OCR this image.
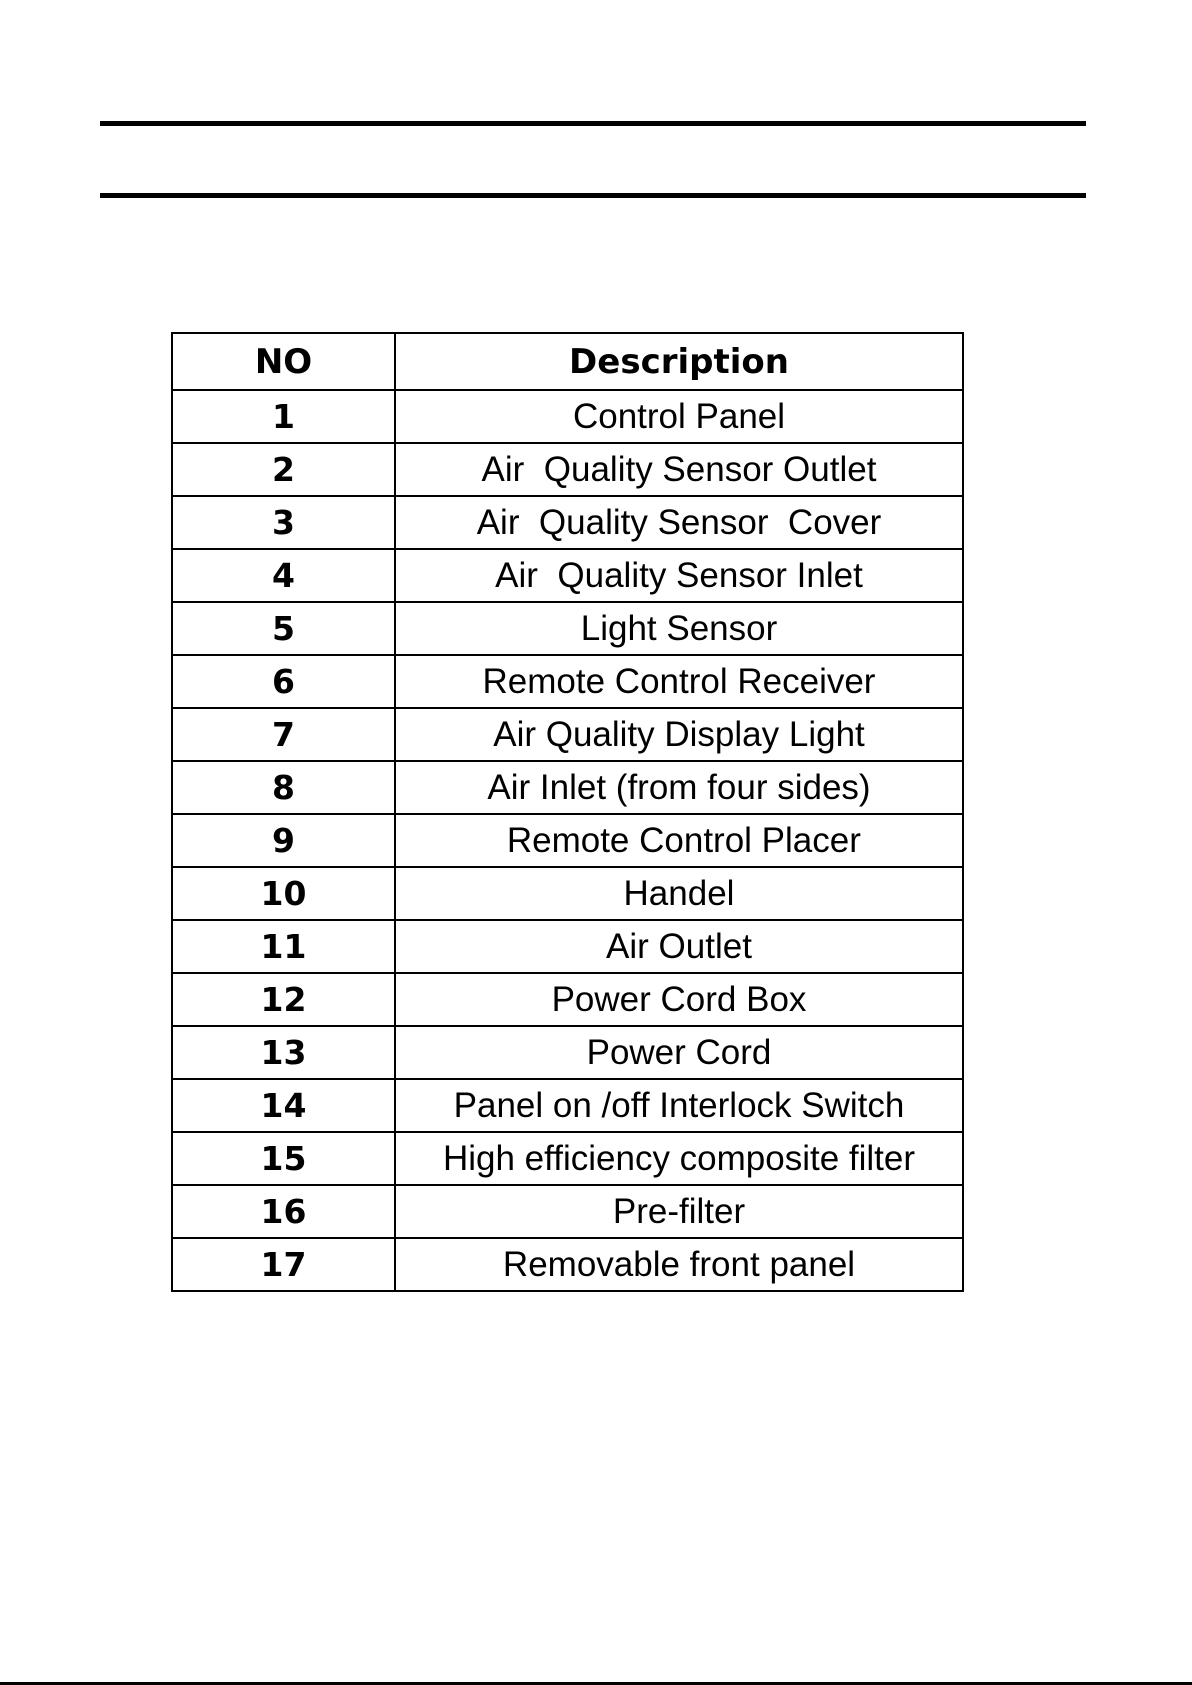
NO	Description
1	Control Panel
2	Air  Quality Sensor Outlet
3	Air  Quality Sensor  Cover
4	Air  Quality Sensor Inlet
5	Light Sensor
6	Remote Control Receiver
7	Air Quality Display Light
8	Air Inlet (from four sides)
9	Remote Control Placer
10	Handel
11	Air Outlet
12	Power Cord Box
13	Power Cord
14	Panel on /off Interlock Switch
15	High efficiency composite filter
16	Pre-filter
17	Removable front panel
